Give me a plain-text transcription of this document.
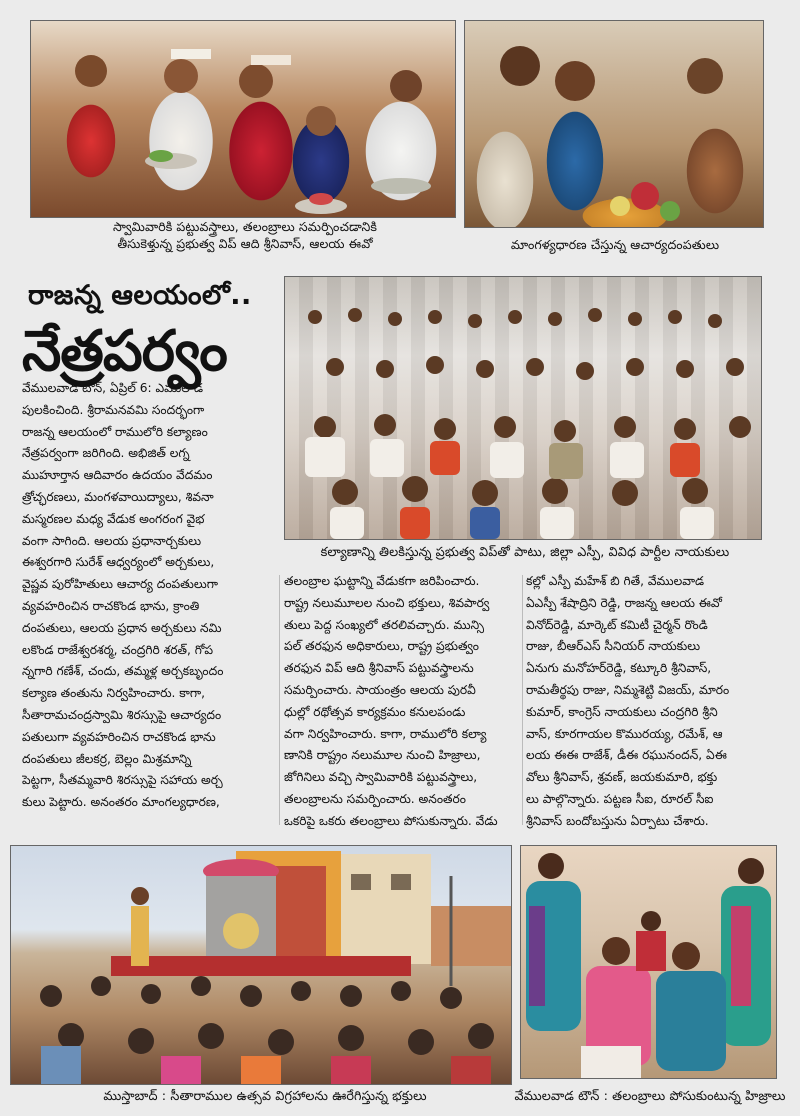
స్వామివారికి పట్టువస్త్రాలు, తలంబ్రాలు సమర్పించడానికి
తీసుకెళ్తున్న ప్రభుత్వ విప్ ఆది శ్రీనివాస్, ఆలయ ఈవో	మాంగళ్యధారణ చేస్తున్న ఆచార్యదంపతులు
రాజన్న ఆలయంలో..
నేత్రపర్వం
కల్యాణాన్ని తిలకిస్తున్న ప్రభుత్వ విప్‌తో పాటు, జిల్లా ఎస్పీ, వివిధ పార్టీల నాయకులు
వేములవాడ టౌన్, ఏప్రిల్ 6: ఎములాడ
పులకించింది. శ్రీరామనవమి సందర్భంగా
రాజన్న ఆలయంలో రాములోరి కల్యాణం
నేత్రపర్వంగా జరిగింది. అభిజిత్ లగ్న
ముహూర్తాన ఆదివారం ఉదయం వేదమం
త్రోచ్ఛరణలు, మంగళవాయిద్యాలు, శివనా
మస్మరణల మధ్య వేడుక అంగరంగ వైభ
వంగా సాగింది. ఆలయ ప్రధానార్చకులు
ఈశ్వరగారి సురేశ్ ఆధ్వర్యంలో అర్చకులు,
వైష్ణవ పురోహితులు ఆచార్య దంపతులుగా
వ్యవహరించిన రాచకొండ భాను, క్రాంతి
దంపతులు, ఆలయ ప్రధాన అర్చకులు నమి
లకొండ రాజేశ్వరశర్మ, చంద్రగిరి శరత్, గోప
న్నగారి గణేశ్, చందు, తమ్మళ్ల అర్చకబృందం
కల్యాణ తంతును నిర్వహించారు. కాగా,
సీతారామచంద్రస్వామి శిరస్సుపై ఆచార్యదం
పతులుగా వ్యవహరించిన రాచకొండ భాను
దంపతులు జీలకర్ర, బెల్లం మిశ్రమాన్ని
పెట్టగా, సీతమ్మవారి శిరస్సుపై సహాయ అర్చ
కులు పెట్టారు. అనంతరం మాంగల్యధారణ,
తలంబ్రాల ఘట్టాన్ని వేడుకగా జరిపించారు.
రాష్ట్ర నలుమూలల నుంచి భక్తులు, శివపార్వ
తులు పెద్ద సంఖ్యలో తరలివచ్చారు. మున్సి
పల్ తరఫున అధికారులు, రాష్ట్ర ప్రభుత్వం
తరఫున విప్ ఆది శ్రీనివాస్ పట్టువస్త్రాలను
సమర్పించారు. సాయంత్రం ఆలయ పురవీ
ధుల్లో రథోత్సవ కార్యక్రమం కనులపండు
వగా నిర్వహించారు. కాగా, రాములోరి కల్యా
ణానికి రాష్ట్రం నలుమూల నుంచి హిజ్రాలు,
జోగినిలు వచ్చి స్వామివారికి పట్టువస్త్రాలు,
తలంబ్రాలను సమర్పించారు. అనంతరం
ఒకరిపై ఒకరు తలంబ్రాలు పోసుకున్నారు. వేడు
కల్లో ఎస్పీ మహేశ్ బి గితే, వేములవాడ
ఏఎస్పీ శేషాద్రిని రెడ్డి, రాజన్న ఆలయ ఈవో
వినోద్‌రెడ్డి, మార్కెట్ కమిటీ చైర్మన్ రొండి
రాజు, బీఆర్‌ఎస్ సీనియర్ నాయకులు
ఏనుగు మనోహర్‌రెడ్డి, కట్కూరి శ్రీనివాస్,
రామతీర్థపు రాజు, నిమ్మశెట్టి విజయ్, మారం
కుమార్, కాంగ్రెస్ నాయకులు చంద్రగిరి శ్రీని
వాస్, కూరగాయల కొమురయ్య, రమేశ్, ఆ
లయ ఈఈ రాజేశ్, డీఈ రఘునందన్, ఏఈ
వోలు శ్రీనివాస్, శ్రవణ్, జయకుమారి, భక్తు
లు పాల్గొన్నారు. పట్టణ సీఐ, రూరల్ సీఐ
శ్రీనివాస్ బందోబస్తును ఏర్పాటు చేశారు.
ముస్తాబాద్ : సీతారాముల ఉత్సవ విగ్రహాలను ఊరేగిస్తున్న భక్తులు	వేములవాడ టౌన్ : తలంబ్రాలు పోసుకుంటున్న హిజ్రాలు
